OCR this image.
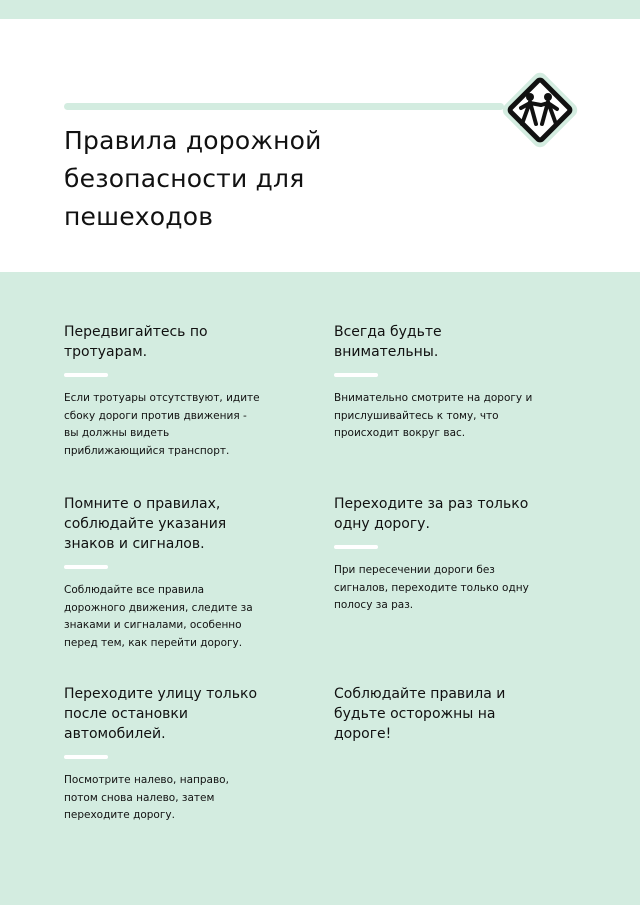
Правила дорожной безопасности для пешеходов
Передвигайтесь по тротуарам.

Если тротуары отсутствуют, идите сбоку дороги против движения - вы должны видеть приближающийся транспорт.

Всегда будьте внимательны.

Внимательно смотрите на дорогу и прислушивайтесь к тому, что происходит вокруг вас.

Помните о правилах, соблюдайте указания знаков и сигналов.

Соблюдайте все правила дорожного движения, следите за знаками и сигналами, особенно перед тем, как перейти дорогу.

Переходите за раз только одну дорогу.

При пересечении дороги без сигналов, переходите только одну полосу за раз.

Переходите улицу только после остановки автомобилей.

Посмотрите налево, направо, потом снова налево, затем переходите дорогу.

Соблюдайте правила и будьте осторожны на дороге!
